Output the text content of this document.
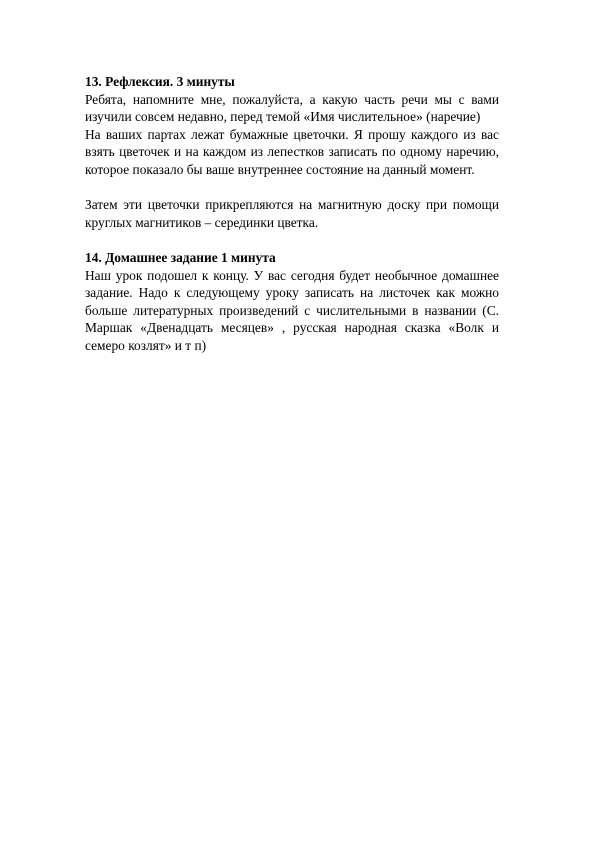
13. Рефлексия. 3 минуты

Ребята, напомните мне, пожалуйста, а какую часть речи мы с вами изучили совсем недавно, перед темой «Имя числительное» (наречие)

На ваших партах лежат бумажные цветочки. Я прошу каждого из вас взять цветочек и на каждом из лепестков записать по одному наречию, которое показало бы ваше внутреннее состояние на данный момент.

Затем эти цветочки прикрепляются на магнитную доску при помощи круглых магнитиков – серединки цветка.

14. Домашнее задание 1 минута

Наш урок подошел к концу. У вас сегодня будет необычное домашнее задание. Надо к следующему уроку записать на листочек как можно больше литературных произведений с числительными в названии (С. Маршак «Двенадцать месяцев» , русская народная сказка «Волк и семеро козлят» и т п)
